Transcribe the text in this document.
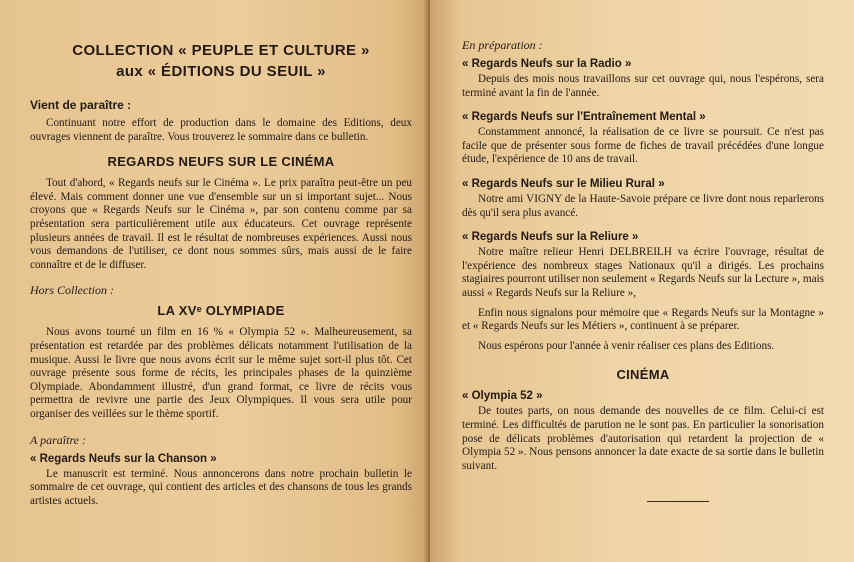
COLLECTION « PEUPLE ET CULTURE »
aux « ÉDITIONS DU SEUIL »
Vient de paraître :

Continuant notre effort de production dans le domaine des Editions, deux ouvrages viennent de paraître. Vous trouverez le sommaire dans ce bulletin.

REGARDS NEUFS SUR LE CINÉMA

Tout d'abord, « Regards neufs sur le Cinéma ». Le prix paraîtra peut-être un peu élevé. Mais comment donner une vue d'ensemble sur un si important sujet... Nous croyons que « Regards Neufs sur le Cinéma », par son contenu comme par sa présentation sera particulièrement utile aux éducateurs. Cet ouvrage représente plusieurs années de travail. Il est le résultat de nombreuses expériences. Aussi nous vous demandons de l'utiliser, ce dont nous sommes sûrs, mais aussi de le faire connaître et de le diffuser.

Hors Collection :
LA XVᵉ OLYMPIADE

Nous avons tourné un film en 16 % « Olympia 52 ». Malheureusement, sa présentation est retardée par des problèmes délicats notamment l'utilisation de la musique. Aussi le livre que nous avons écrit sur le même sujet sort-il plus tôt. Cet ouvrage présente sous forme de récits, les principales phases de la quinzième Olympiade. Abondamment illustré, d'un grand format, ce livre de récits vous permettra de revivre une partie des Jeux Olympiques. Il vous sera utile pour organiser des veillées sur le thème sportif.

A paraître :
« Regards Neufs sur la Chanson »

Le manuscrit est terminé. Nous annoncerons dans notre prochain bulletin le sommaire de cet ouvrage, qui contient des articles et des chansons de tous les grands artistes actuels.

En préparation :
« Regards Neufs sur la Radio »

Depuis des mois nous travaillons sur cet ouvrage qui, nous l'espérons, sera terminé avant la fin de l'année.

« Regards Neufs sur l'Entraînement Mental »

Constamment annoncé, la réalisation de ce livre se poursuit. Ce n'est pas facile que de présenter sous forme de fiches de travail précédées d'une longue étude, l'expérience de 10 ans de travail.

« Regards Neufs sur le Milieu Rural »

Notre ami VIGNY de la Haute-Savoie prépare ce livre dont nous reparlerons dès qu'il sera plus avancé.

« Regards Neufs sur la Reliure »

Notre maître relieur Henri DELBREILH va écrire l'ouvrage, résultat de l'expérience des nombreux stages Nationaux qu'il a dirigés. Les prochains stagiaires pourront utiliser non seulement « Regards Neufs sur la Lecture », mais aussi « Regards Neufs sur la Reliure »,

Enfin nous signalons pour mémoire que « Regards Neufs sur la Montagne » et « Regards Neufs sur les Métiers », continuent à se préparer.

Nous espérons pour l'année à venir réaliser ces plans des Editions.

CINÉMA
« Olympia 52 »

De toutes parts, on nous demande des nouvelles de ce film. Celui-ci est terminé. Les difficultés de parution ne le sont pas. En particulier la sonorisation pose de délicats problèmes d'autorisation qui retardent la projection de « Olympia 52 ». Nous pensons annoncer la date exacte de sa sortie dans le bulletin suivant.
